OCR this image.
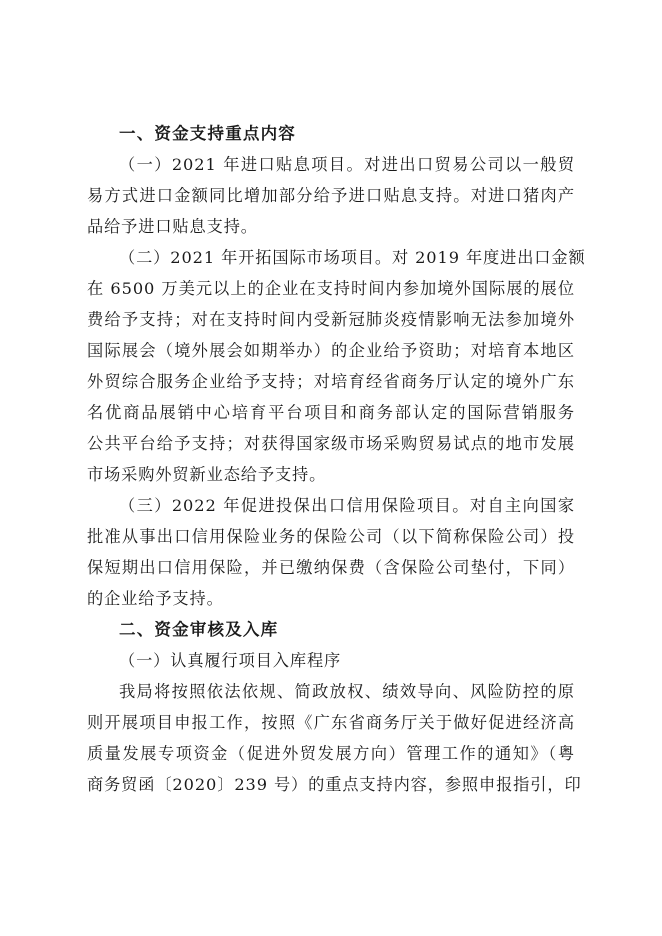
一、资金支持重点内容
（一）2021 年进口贴息项目。对进出口贸易公司以一般贸
易方式进口金额同比增加部分给予进口贴息支持。对进口猪肉产
品给予进口贴息支持。
（二）2021 年开拓国际市场项目。对 2019 年度进出口金额
在 6500 万美元以上的企业在支持时间内参加境外国际展的展位
费给予支持；对在支持时间内受新冠肺炎疫情影响无法参加境外
国际展会（境外展会如期举办）的企业给予资助；对培育本地区
外贸综合服务企业给予支持；对培育经省商务厅认定的境外广东
名优商品展销中心培育平台项目和商务部认定的国际营销服务
公共平台给予支持；对获得国家级市场采购贸易试点的地市发展
市场采购外贸新业态给予支持。
（三）2022 年促进投保出口信用保险项目。对自主向国家
批准从事出口信用保险业务的保险公司（以下简称保险公司）投
保短期出口信用保险，并已缴纳保费（含保险公司垫付，下同）
的企业给予支持。
二、资金审核及入库
（一）认真履行项目入库程序
我局将按照依法依规、简政放权、绩效导向、风险防控的原
则开展项目申报工作，按照《广东省商务厅关于做好促进经济高
质量发展专项资金（促进外贸发展方向）管理工作的通知》（粤
商务贸函〔2020〕239 号）的重点支持内容，参照申报指引，印
